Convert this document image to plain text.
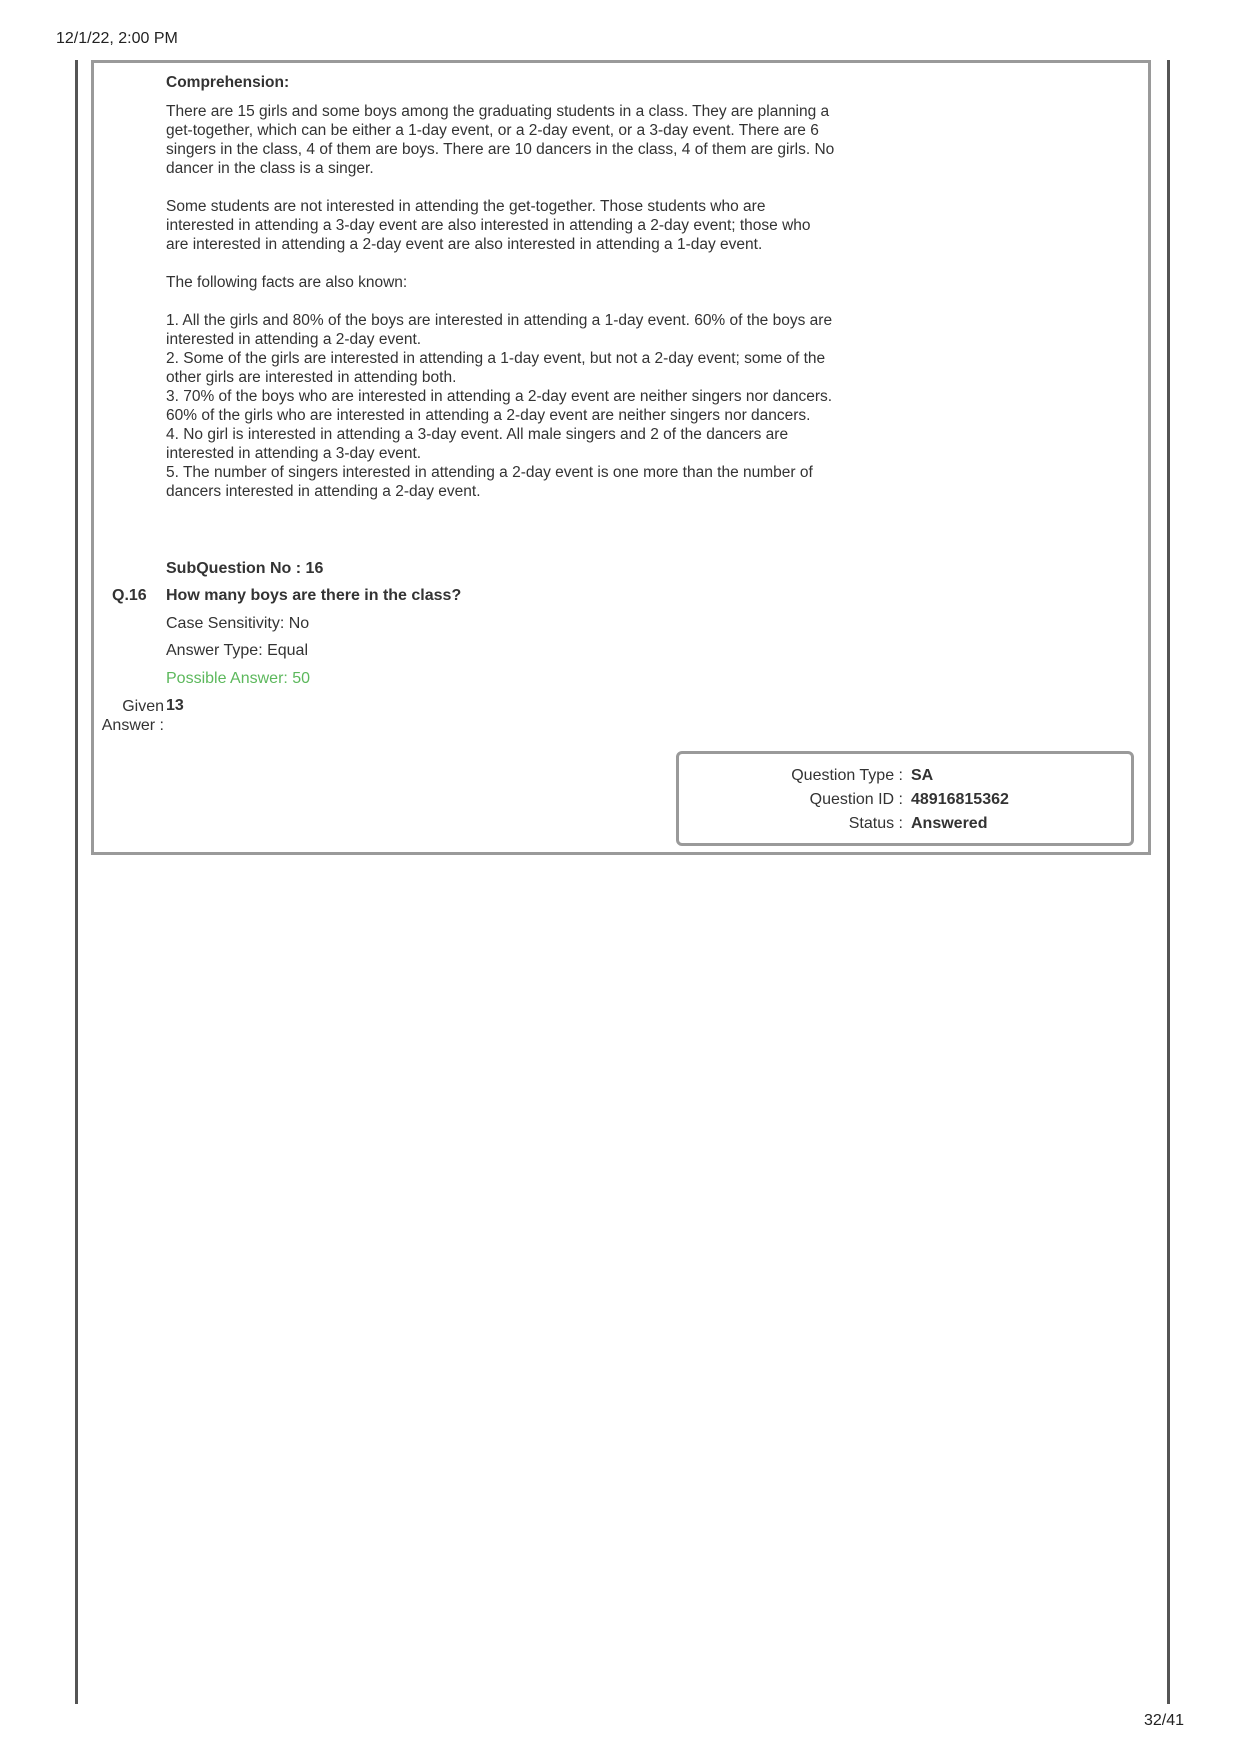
12/1/22, 2:00 PM

Comprehension:

There are 15 girls and some boys among the graduating students in a class. They are planning a get-together, which can be either a 1-day event, or a 2-day event, or a 3-day event. There are 6 singers in the class, 4 of them are boys. There are 10 dancers in the class, 4 of them are girls. No dancer in the class is a singer.

Some students are not interested in attending the get-together. Those students who are interested in attending a 3-day event are also interested in attending a 2-day event; those who are interested in attending a 2-day event are also interested in attending a 1-day event.

The following facts are also known:

1. All the girls and 80% of the boys are interested in attending a 1-day event. 60% of the boys are interested in attending a 2-day event.

2. Some of the girls are interested in attending a 1-day event, but not a 2-day event; some of the other girls are interested in attending both.

3. 70% of the boys who are interested in attending a 2-day event are neither singers nor dancers. 60% of the girls who are interested in attending a 2-day event are neither singers nor dancers.

4. No girl is interested in attending a 3-day event. All male singers and 2 of the dancers are interested in attending a 3-day event.

5. The number of singers interested in attending a 2-day event is one more than the number of dancers interested in attending a 2-day event.

SubQuestion No : 16
Q.16 How many boys are there in the class?
Case Sensitivity: No
Answer Type: Equal
Possible Answer: 50
Given Answer :
13
Question Type : SA
Question ID : 48916815362
Status : Answered
32/41
